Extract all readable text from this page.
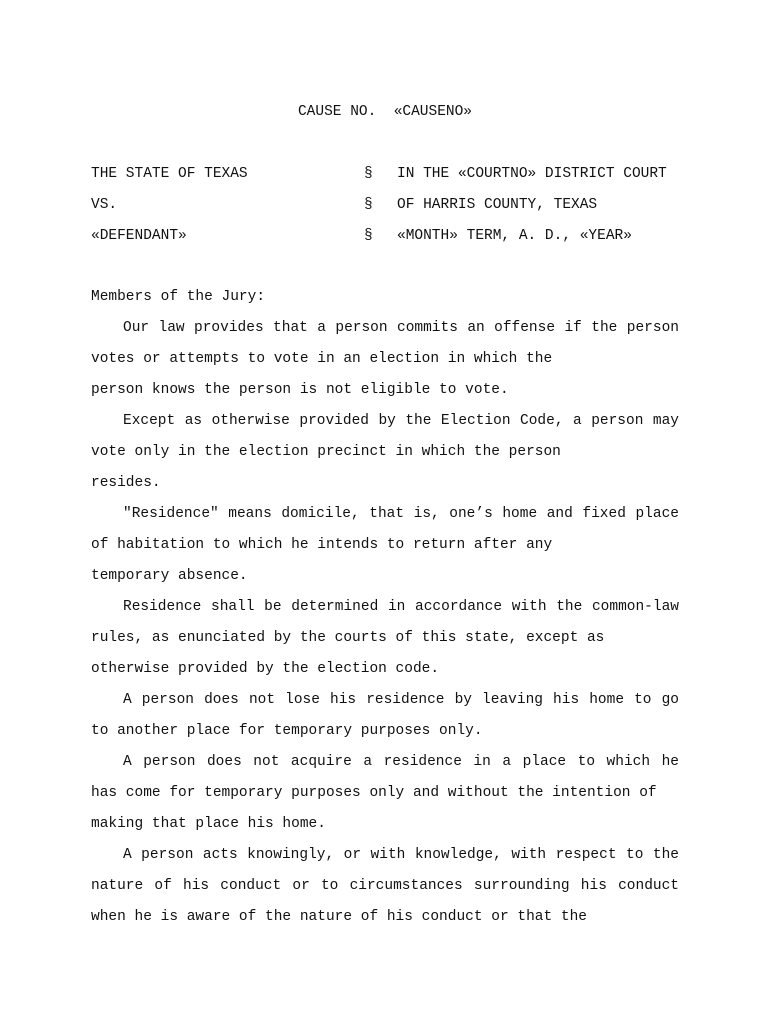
CAUSE NO.  «CAUSENO»
THE STATE OF TEXAS	§ IN THE «COURTNO» DISTRICT COURT
VS.	§ OF HARRIS COUNTY, TEXAS
«DEFENDANT»	§ «MONTH» TERM, A. D., «YEAR»

Members of the Jury:

Our law provides that a person commits an offense if the person votes or attempts to vote in an election in which the
person knows the person is not eligible to vote.

Except as otherwise provided by the Election Code, a person may vote only in the election precinct in which the person
resides.

"Residence" means domicile, that is, one’s home and fixed place of habitation to which he intends to return after any
temporary absence.

Residence shall be determined in accordance with the common-law rules, as enunciated by the courts of this state, except as
otherwise provided by the election code.

A person does not lose his residence by leaving his home to go to another place for temporary purposes only.

A person does not acquire a residence in a place to which he has come for temporary purposes only and without the intention of
making that place his home.

A person acts knowingly, or with knowledge, with respect to the nature of his conduct or to circumstances surrounding his conduct when he is aware of the nature of his conduct or that the
